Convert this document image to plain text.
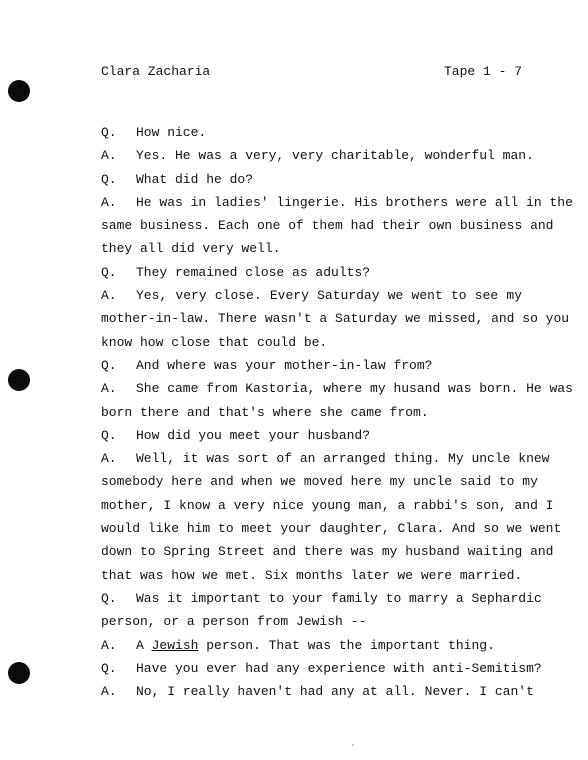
Clara Zacharia	Tape 1 - 7
Q. How nice.
A. Yes. He was a very, very charitable, wonderful man.
Q. What did he do?
A. He was in ladies' lingerie. His brothers were all in the
same business. Each one of them had their own business and
they all did very well.
Q. They remained close as adults?
A. Yes, very close. Every Saturday we went to see my
mother-in-law. There wasn't a Saturday we missed, and so you
know how close that could be.
Q. And where was your mother-in-law from?
A. She came from Kastoria, where my husand was born. He was
born there and that's where she came from.
Q. How did you meet your husband?
A. Well, it was sort of an arranged thing. My uncle knew
somebody here and when we moved here my uncle said to my
mother, I know a very nice young man, a rabbi's son, and I
would like him to meet your daughter, Clara. And so we went
down to Spring Street and there was my husband waiting and
that was how we met. Six months later we were married.
Q. Was it important to your family to marry a Sephardic
person, or a person from Jewish --
A. A Jewish person. That was the important thing.
Q. Have you ever had any experience with anti-Semitism?
A. No, I really haven't had any at all. Never. I can't
